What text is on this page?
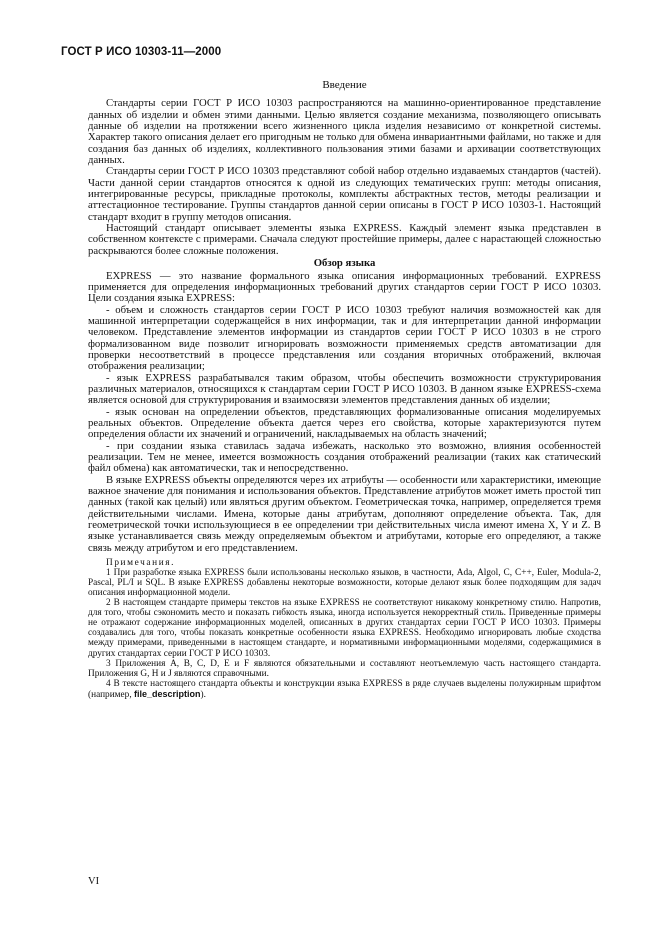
ГОСТ Р ИСО 10303-11—2000
Введение

Стандарты серии ГОСТ Р ИСО 10303 распространяются на машинно-ориентированное представление данных об изделии и обмен этими данными. Целью является создание механизма, позволяющего описывать данные об изделии на протяжении всего жизненного цикла изделия независимо от конкретной системы. Характер такого описания делает его пригодным не только для обмена инвариантными файлами, но также и для создания баз данных об изделиях, коллективного пользования этими базами и архивации соответствующих данных.

Стандарты серии ГОСТ Р ИСО 10303 представляют собой набор отдельно издаваемых стандартов (частей). Части данной серии стандартов относятся к одной из следующих тематических групп: методы описания, интегрированные ресурсы, прикладные протоколы, комплекты абстрактных тестов, методы реализации и аттестационное тестирование. Группы стандартов данной серии описаны в ГОСТ Р ИСО 10303-1. Настоящий стандарт входит в группу методов описания.

Настоящий стандарт описывает элементы языка EXPRESS. Каждый элемент языка представлен в собственном контексте с примерами. Сначала следуют простейшие примеры, далее с нарастающей сложностью раскрываются более сложные положения.

Обзор языка

EXPRESS — это название формального языка описания информационных требований. EXPRESS применяется для определения информационных требований других стандартов серии ГОСТ Р ИСО 10303. Цели создания языка EXPRESS:

- объем и сложность стандартов серии ГОСТ Р ИСО 10303 требуют наличия возможностей как для машинной интерпретации содержащейся в них информации, так и для интерпретации данной информации человеком. Представление элементов информации из стандартов серии ГОСТ Р ИСО 10303 в не строго формализованном виде позволит игнорировать возможности применяемых средств автоматизации для проверки несоответствий в процессе представления или создания вторичных отображений, включая отображения реализации;

- язык EXPRESS разрабатывался таким образом, чтобы обеспечить возможности структурирования различных материалов, относящихся к стандартам серии ГОСТ Р ИСО 10303. В данном языке EXPRESS-схема является основой для структурирования и взаимосвязи элементов представления данных об изделии;

- язык основан на определении объектов, представляющих формализованные описания моделируемых реальных объектов. Определение объекта дается через его свойства, которые характеризуются путем определения области их значений и ограничений, накладываемых на область значений;

- при создании языка ставилась задача избежать, насколько это возможно, влияния особенностей реализации. Тем не менее, имеется возможность создания отображений реализации (таких как статический файл обмена) как автоматически, так и непосредственно.

В языке EXPRESS объекты определяются через их атрибуты — особенности или характеристики, имеющие важное значение для понимания и использования объектов. Представление атрибутов может иметь простой тип данных (такой как целый) или являться другим объектом. Геометрическая точка, например, определяется тремя действительными числами. Имена, которые даны атрибутам, дополняют определение объекта. Так, для геометрической точки использующиеся в ее определении три действительных числа имеют имена X, Y и Z. В языке устанавливается связь между определяемым объектом и атрибутами, которые его определяют, а также связь между атрибутом и его представлением.

Примечания.

1 При разработке языка EXPRESS были использованы несколько языков, в частности, Ada, Algol, C, C++, Euler, Modula-2, Pascal, PL/I и SQL. В языке EXPRESS добавлены некоторые возможности, которые делают язык более подходящим для задач описания информационной модели.

2 В настоящем стандарте примеры текстов на языке EXPRESS не соответствуют никакому конкретному стилю. Напротив, для того, чтобы сэкономить место и показать гибкость языка, иногда используется некорректный стиль. Приведенные примеры не отражают содержание информационных моделей, описанных в других стандартах серии ГОСТ Р ИСО 10303. Примеры создавались для того, чтобы показать конкретные особенности языка EXPRESS. Необходимо игнорировать любые сходства между примерами, приведенными в настоящем стандарте, и нормативными информационными моделями, содержащимися в других стандартах серии ГОСТ Р ИСО 10303.

3 Приложения А, В, С, D, Е и F являются обязательными и составляют неотъемлемую часть настоящего стандарта. Приложения G, Н и J являются справочными.

4 В тексте настоящего стандарта объекты и конструкции языка EXPRESS в ряде случаев выделены полужирным шрифтом (например, file_description).

VI
